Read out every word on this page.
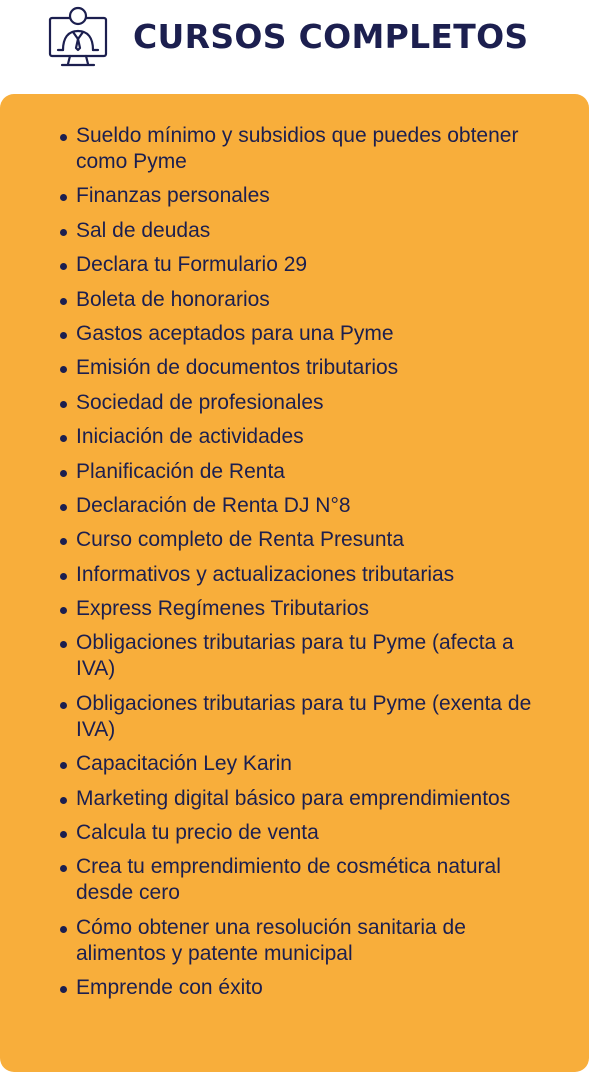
CURSOS COMPLETOS
Sueldo mínimo y subsidios que puedes obtener como Pyme
Finanzas personales
Sal de deudas
Declara tu Formulario 29
Boleta de honorarios
Gastos aceptados para una Pyme
Emisión de documentos tributarios
Sociedad de profesionales
Iniciación de actividades
Planificación de Renta
Declaración de Renta DJ N°8
Curso completo de Renta Presunta
Informativos y actualizaciones tributarias
Express Regímenes Tributarios
Obligaciones tributarias para tu Pyme (afecta a IVA)
Obligaciones tributarias para tu Pyme (exenta de IVA)
Capacitación Ley Karin
Marketing digital básico para emprendimientos
Calcula tu precio de venta
Crea tu emprendimiento de cosmética natural desde cero
Cómo obtener una resolución sanitaria de alimentos y patente municipal
Emprende con éxito
